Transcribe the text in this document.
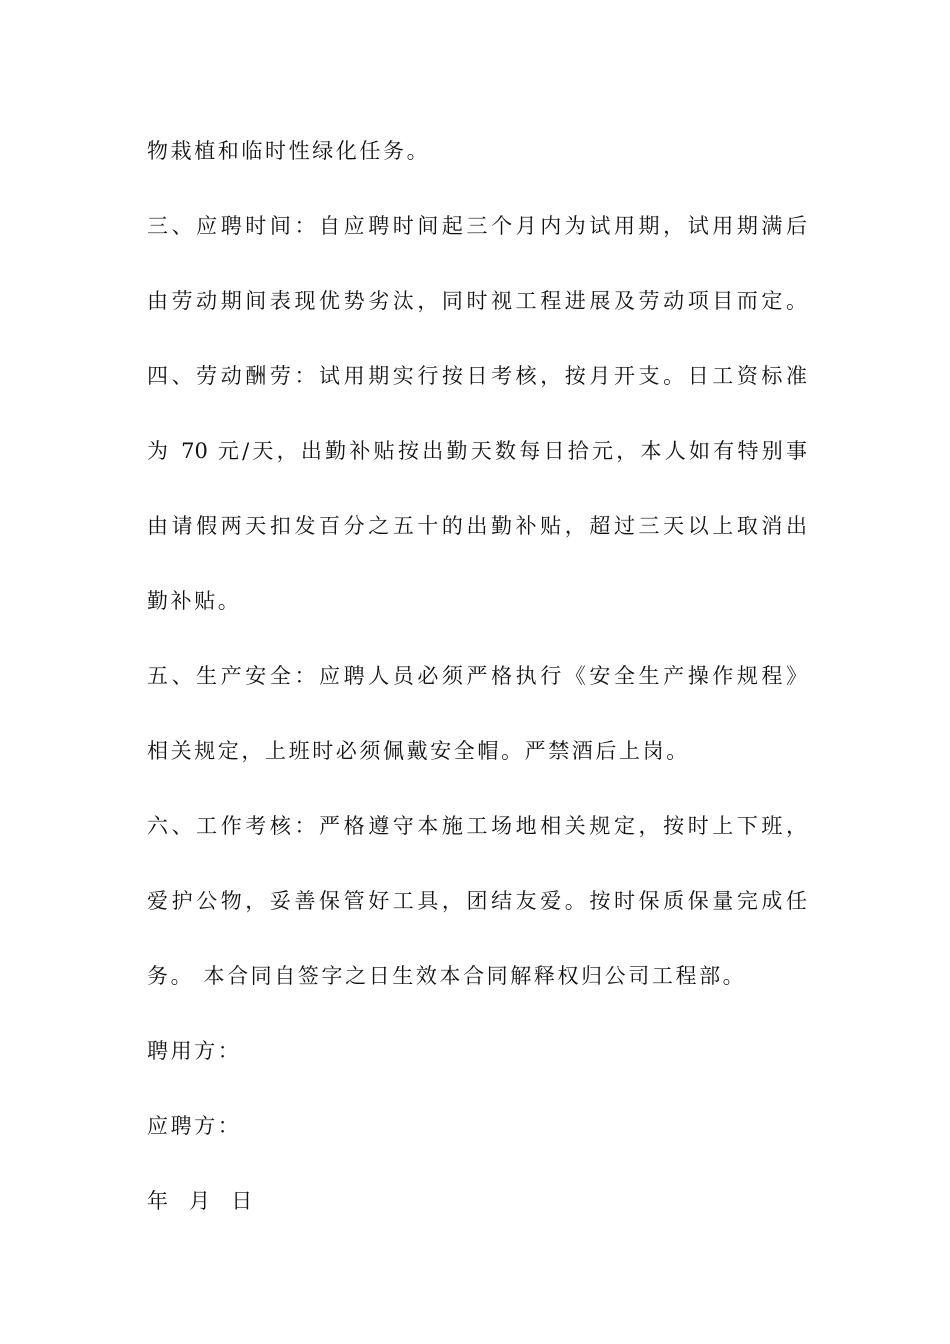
物栽植和临时性绿化任务。
三、应聘时间：自应聘时间起三个月内为试用期，试用期满后
由劳动期间表现优势劣汰，同时视工程进展及劳动项目而定。
四、劳动酬劳：试用期实行按日考核，按月开支。日工资标准
为 70 元/天，出勤补贴按出勤天数每日拾元，本人如有特别事
由请假两天扣发百分之五十的出勤补贴，超过三天以上取消出
勤补贴。
五、生产安全：应聘人员必须严格执行《安全生产操作规程》
相关规定，上班时必须佩戴安全帽。严禁酒后上岗。
六、工作考核：严格遵守本施工场地相关规定，按时上下班，
爱护公物，妥善保管好工具，团结友爱。按时保质保量完成任
务。 本合同自签字之日生效本合同解释权归公司工程部。
聘用方：
应聘方：
年  月  日
